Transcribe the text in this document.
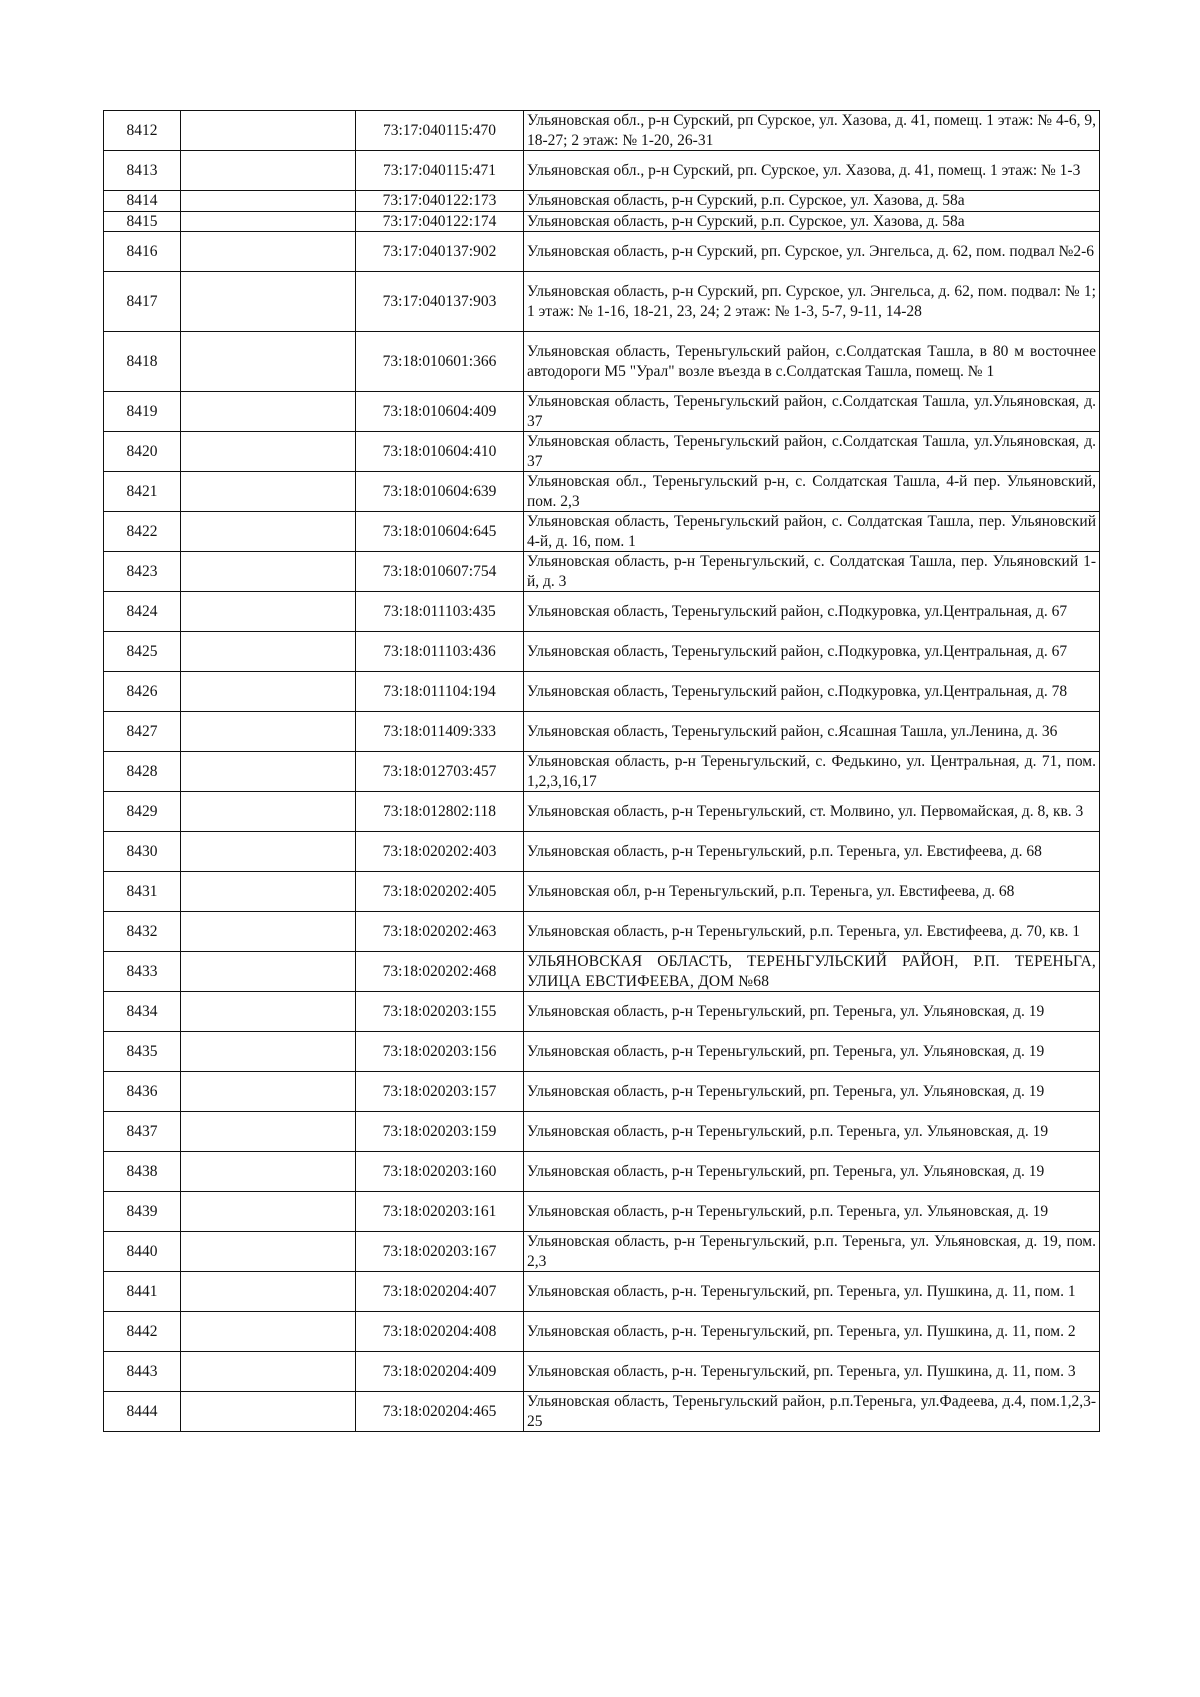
8412		73:17:040115:470	Ульяновская обл., р-н Сурский, рп Сурское, ул. Хазова, д. 41, помещ. 1 этаж: № 4-6, 9, 18-27; 2 этаж: № 1-20, 26-31
8413		73:17:040115:471	Ульяновская обл., р-н Сурский, рп. Сурское, ул. Хазова, д. 41, помещ. 1 этаж: № 1-3
8414		73:17:040122:173	Ульяновская область, р-н Сурский, р.п. Сурское, ул. Хазова, д. 58а
8415		73:17:040122:174	Ульяновская область, р-н Сурский, р.п. Сурское, ул. Хазова, д. 58а
8416		73:17:040137:902	Ульяновская область, р-н Сурский, рп. Сурское, ул. Энгельса, д. 62, пом. подвал №2-6
8417		73:17:040137:903	Ульяновская область, р-н Сурский, рп. Сурское, ул. Энгельса, д. 62, пом. подвал: № 1; 1 этаж: № 1-16, 18-21, 23, 24; 2 этаж: № 1-3, 5-7, 9-11, 14-28
8418		73:18:010601:366	Ульяновская область, Тереньгульский район, с.Солдатская Ташла, в 80 м восточнее автодороги М5 "Урал" возле въезда в с.Солдатская Ташла, помещ. № 1
8419		73:18:010604:409	Ульяновская область, Тереньгульский район, с.Солдатская Ташла, ул.Ульяновская, д. 37
8420		73:18:010604:410	Ульяновская область, Тереньгульский район, с.Солдатская Ташла, ул.Ульяновская, д. 37
8421		73:18:010604:639	Ульяновская обл., Тереньгульский р-н, с. Солдатская Ташла, 4-й пер. Ульяновский, пом. 2,3
8422		73:18:010604:645	Ульяновская область, Тереньгульский район, с. Солдатская Ташла, пер. Ульяновский 4-й, д. 16, пом. 1
8423		73:18:010607:754	Ульяновская область, р-н Тереньгульский, с. Солдатская Ташла, пер. Ульяновский 1-й, д. 3
8424		73:18:011103:435	Ульяновская область, Тереньгульский район, с.Подкуровка, ул.Центральная, д. 67
8425		73:18:011103:436	Ульяновская область, Тереньгульский район, с.Подкуровка, ул.Центральная, д. 67
8426		73:18:011104:194	Ульяновская область, Тереньгульский район, с.Подкуровка, ул.Центральная, д. 78
8427		73:18:011409:333	Ульяновская область, Тереньгульский район, с.Ясашная Ташла, ул.Ленина, д. 36
8428		73:18:012703:457	Ульяновская область, р-н Тереньгульский, с. Федькино, ул. Центральная, д. 71, пом. 1,2,3,16,17
8429		73:18:012802:118	Ульяновская область, р-н Тереньгульский, ст. Молвино, ул. Первомайская, д. 8, кв. 3
8430		73:18:020202:403	Ульяновская область, р-н Тереньгульский, р.п. Тереньга, ул. Евстифеева, д. 68
8431		73:18:020202:405	Ульяновская обл, р-н Тереньгульский, р.п. Тереньга, ул. Евстифеева, д. 68
8432		73:18:020202:463	Ульяновская область, р-н Тереньгульский, р.п. Тереньга, ул. Евстифеева, д. 70, кв. 1
8433		73:18:020202:468	УЛЬЯНОВСКАЯ ОБЛАСТЬ, ТЕРЕНЬГУЛЬСКИЙ РАЙОН, Р.П. ТЕРЕНЬГА, УЛИЦА ЕВСТИФЕЕВА, ДОМ №68
8434		73:18:020203:155	Ульяновская область, р-н Тереньгульский, рп. Тереньга, ул. Ульяновская, д. 19
8435		73:18:020203:156	Ульяновская область, р-н Тереньгульский, рп. Тереньга, ул. Ульяновская, д. 19
8436		73:18:020203:157	Ульяновская область, р-н Тереньгульский, рп. Тереньга, ул. Ульяновская, д. 19
8437		73:18:020203:159	Ульяновская область, р-н Тереньгульский, р.п. Тереньга, ул. Ульяновская, д. 19
8438		73:18:020203:160	Ульяновская область, р-н Тереньгульский, рп. Тереньга, ул. Ульяновская, д. 19
8439		73:18:020203:161	Ульяновская область, р-н Тереньгульский, р.п. Тереньга, ул. Ульяновская, д. 19
8440		73:18:020203:167	Ульяновская область, р-н Тереньгульский, р.п. Тереньга, ул. Ульяновская, д. 19, пом. 2,3
8441		73:18:020204:407	Ульяновская область, р-н. Тереньгульский, рп. Тереньга, ул. Пушкина, д. 11, пом. 1
8442		73:18:020204:408	Ульяновская область, р-н. Тереньгульский, рп. Тереньга, ул. Пушкина, д. 11, пом. 2
8443		73:18:020204:409	Ульяновская область, р-н. Тереньгульский, рп. Тереньга, ул. Пушкина, д. 11, пом. 3
8444		73:18:020204:465	Ульяновская область, Тереньгульский район, р.п.Тереньга, ул.Фадеева, д.4, пом.1,2,3-25
